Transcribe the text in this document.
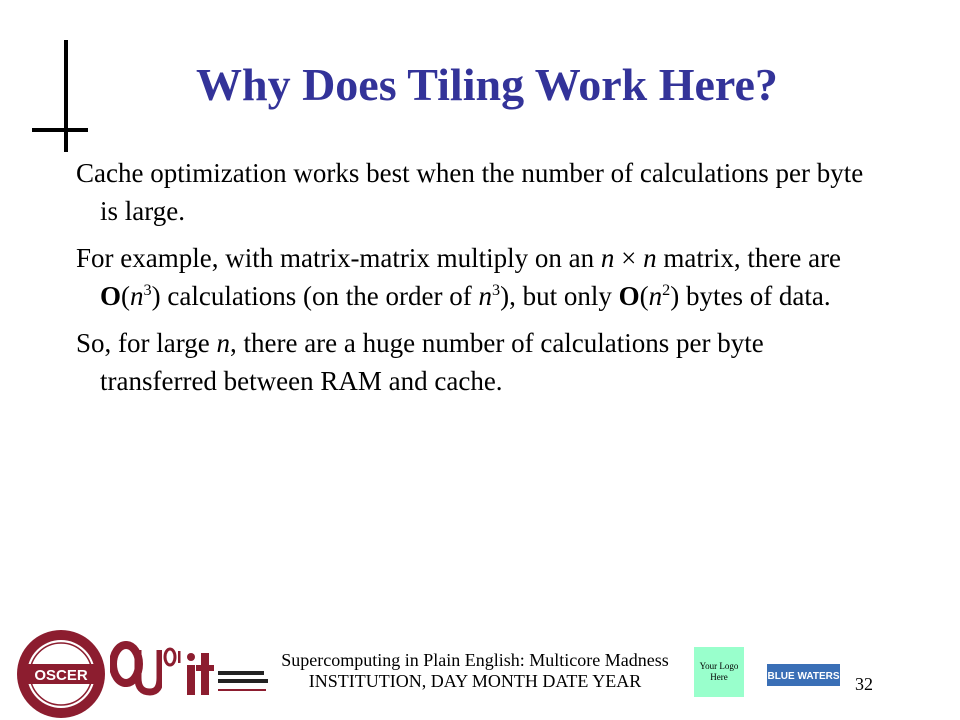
Why Does Tiling Work Here?

Cache optimization works best when the number of calculations per byte is large.

For example, with matrix-matrix multiply on an n × n matrix, there are $O(n^3)$ calculations (on the order of $n^3$), but only $O(n^2)$ bytes of data.

So, for large n, there are a huge number of calculations per byte transferred between RAM and cache.

OSCER
Supercomputing in Plain English: Multicore Madness
INSTITUTION, DAY MONTH DATE YEAR
Your Logo Here	BLUE WATERS 32
